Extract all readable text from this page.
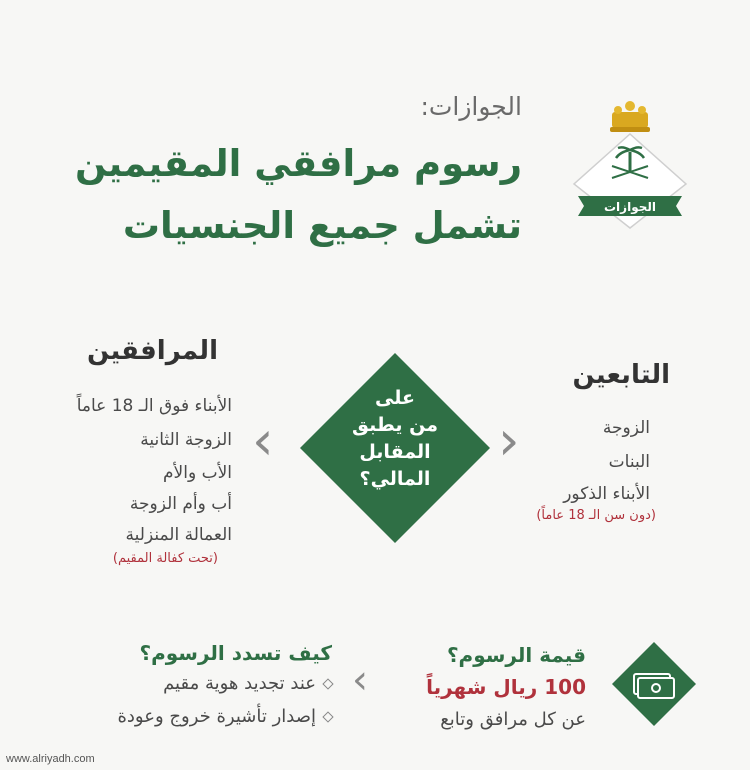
الجوازات:
رسوم مرافقي المقيمين
تشمل جميع الجنسيات	الجوازات
على
من يطبق
المقابل
المالي؟
‹	›
التابعين
الزوجة
البنات
الأبناء الذكور
(دون سن الـ 18 عاماً)
المرافقين
الأبناء فوق الـ 18 عاماً
الزوجة الثانية
الأب والأم
أب وأم الزوجة
العمالة المنزلية
(تحت كفالة المقيم)
قيمة الرسوم؟
100 ريال شهرياً
عن كل مرافق وتابع
‹
كيف تسدد الرسوم؟
عند تجديد هوية مقيم
إصدار تأشيرة خروج وعودة
www.alriyadh.com
